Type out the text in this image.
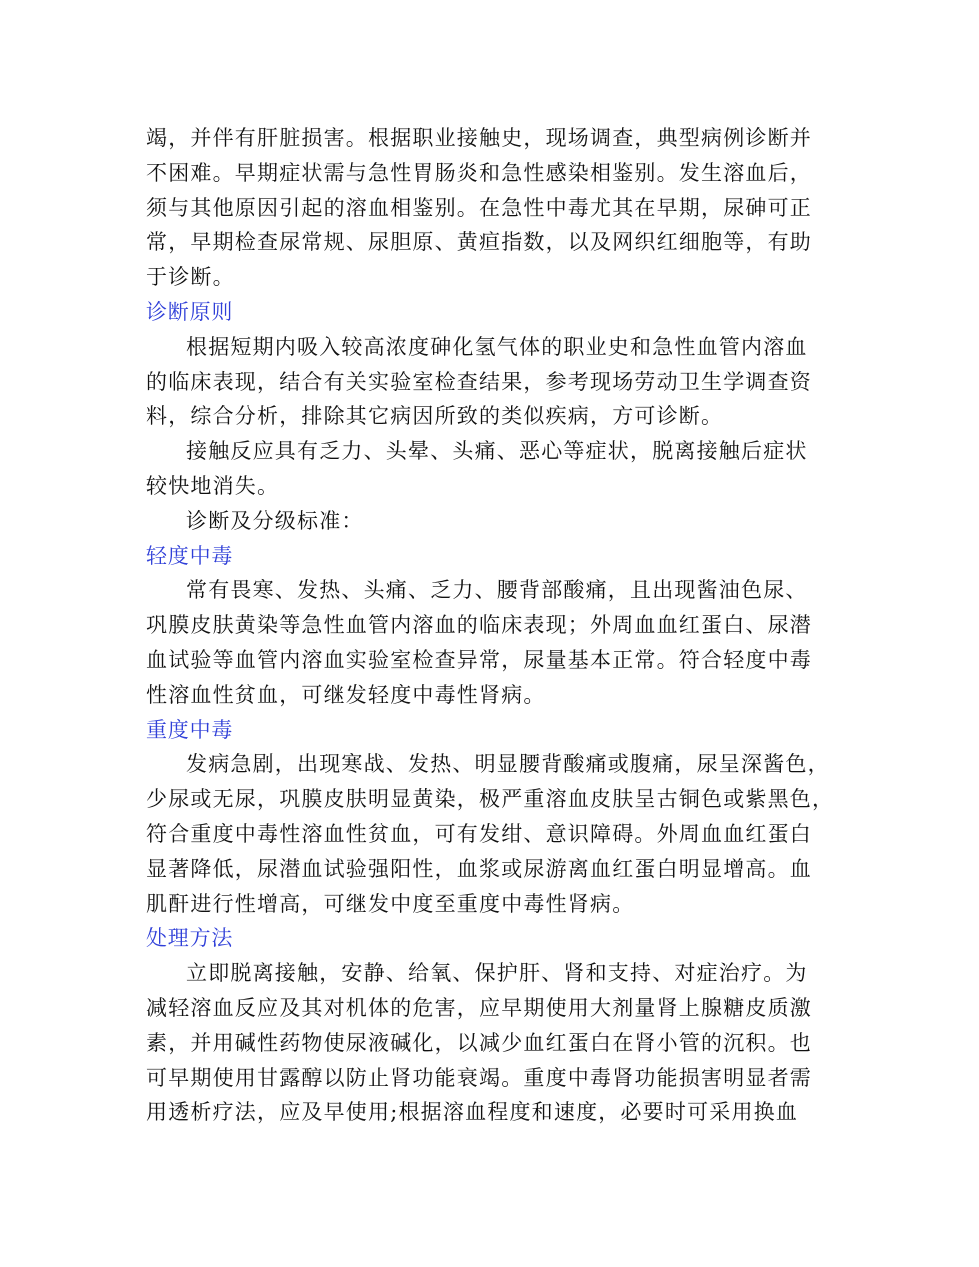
竭，并伴有肝脏损害。根据职业接触史，现场调查，典型病例诊断并
不困难。早期症状需与急性胃肠炎和急性感染相鉴别。发生溶血后，
须与其他原因引起的溶血相鉴别。在急性中毒尤其在早期，尿砷可正
常，早期检查尿常规、尿胆原、黄疸指数，以及网织红细胞等，有助
于诊断。
诊断原则
根据短期内吸入较高浓度砷化氢气体的职业史和急性血管内溶血
的临床表现，结合有关实验室检查结果，参考现场劳动卫生学调查资
料，综合分析，排除其它病因所致的类似疾病，方可诊断。
接触反应具有乏力、头晕、头痛、恶心等症状，脱离接触后症状
较快地消失。
诊断及分级标准：
轻度中毒
常有畏寒、发热、头痛、乏力、腰背部酸痛，且出现酱油色尿、
巩膜皮肤黄染等急性血管内溶血的临床表现；外周血血红蛋白、尿潜
血试验等血管内溶血实验室检查异常，尿量基本正常。符合轻度中毒
性溶血性贫血，可继发轻度中毒性肾病。
重度中毒
发病急剧，出现寒战、发热、明显腰背酸痛或腹痛，尿呈深酱色，
少尿或无尿，巩膜皮肤明显黄染，极严重溶血皮肤呈古铜色或紫黑色，
符合重度中毒性溶血性贫血，可有发绀、意识障碍。外周血血红蛋白
显著降低，尿潜血试验强阳性，血浆或尿游离血红蛋白明显增高。血
肌酐进行性增高，可继发中度至重度中毒性肾病。
处理方法
立即脱离接触，安静、给氧、保护肝、肾和支持、对症治疗。为
减轻溶血反应及其对机体的危害，应早期使用大剂量肾上腺糖皮质激
素，并用碱性药物使尿液碱化，以减少血红蛋白在肾小管的沉积。也
可早期使用甘露醇以防止肾功能衰竭。重度中毒肾功能损害明显者需
用透析疗法，应及早使用;根据溶血程度和速度，必要时可采用换血
